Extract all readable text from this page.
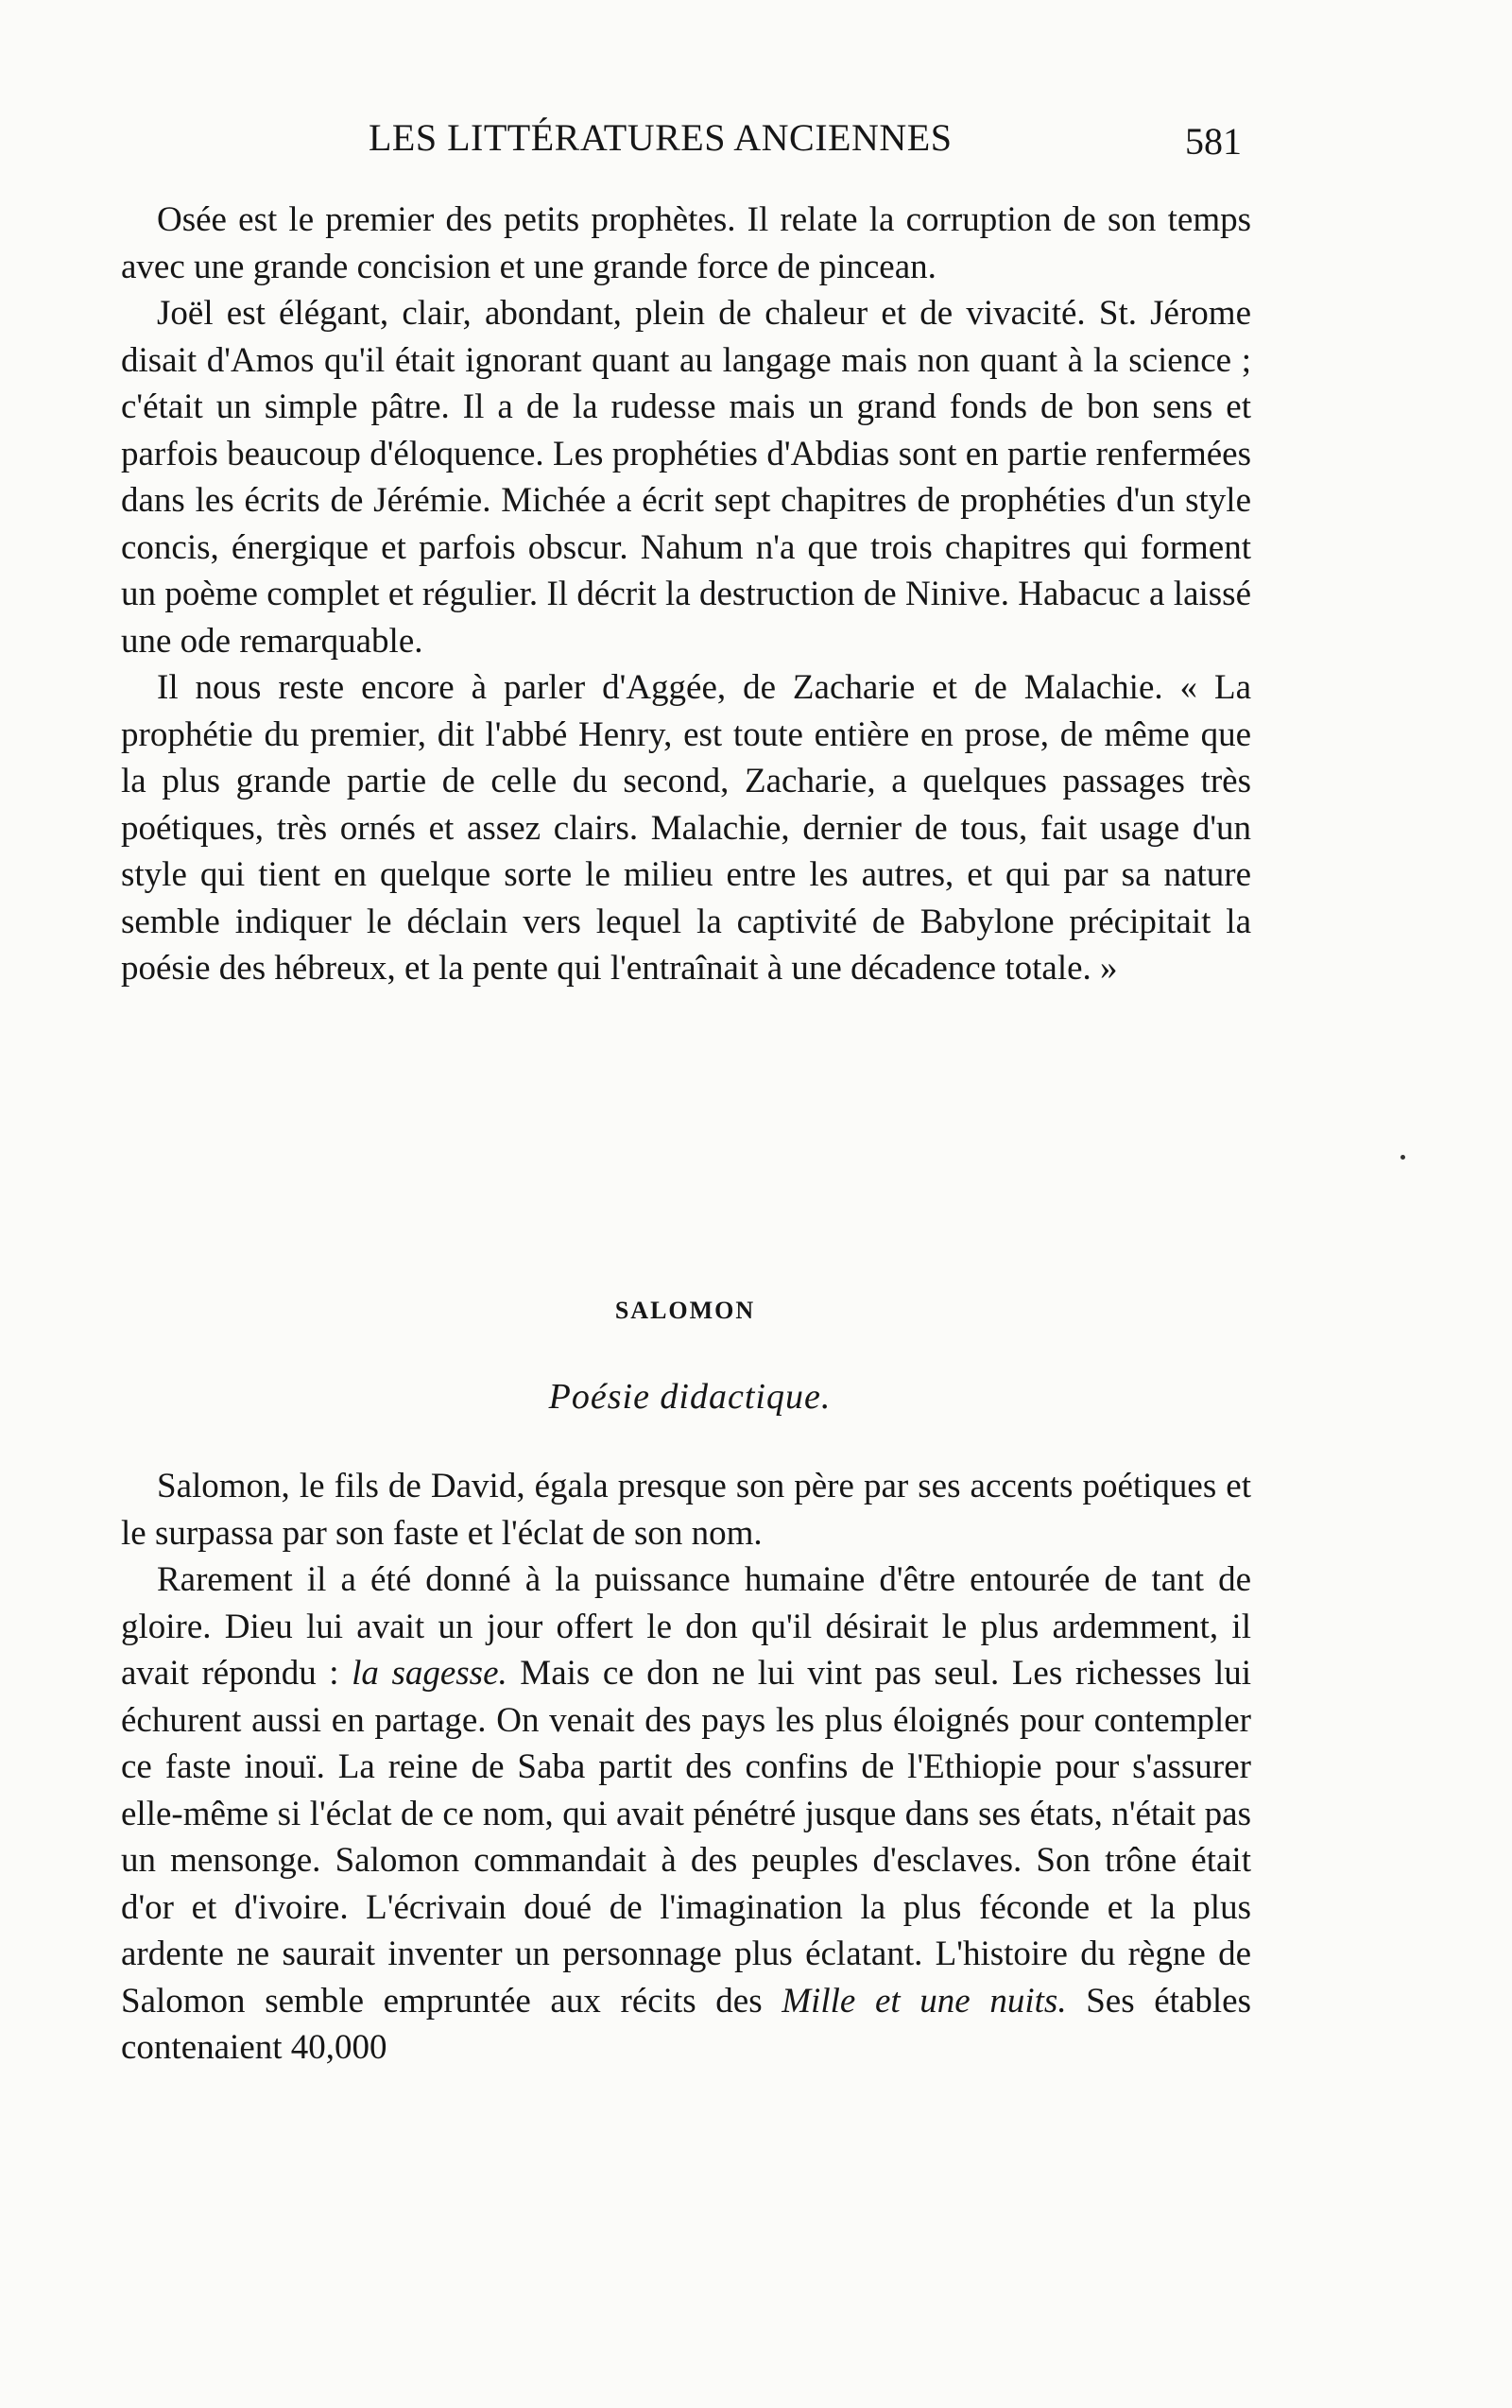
LES LITTÉRATURES ANCIENNES	581

Osée est le premier des petits prophètes. Il relate la corruption de son temps avec une grande concision et une grande force de pincean.

Joël est élégant, clair, abondant, plein de chaleur et de vivacité. St. Jérome disait d'Amos qu'il était ignorant quant au langage mais non quant à la science ; c'était un simple pâtre. Il a de la rudesse mais un grand fonds de bon sens et parfois beaucoup d'éloquence. Les prophéties d'Abdias sont en partie renfermées dans les écrits de Jérémie. Michée a écrit sept chapitres de prophéties d'un style concis, énergique et parfois obscur. Nahum n'a que trois chapitres qui forment un poème complet et régulier. Il décrit la destruction de Ninive. Habacuc a laissé une ode remarquable.

Il nous reste encore à parler d'Aggée, de Zacharie et de Malachie. « La prophétie du premier, dit l'abbé Henry, est toute entière en prose, de même que la plus grande partie de celle du second, Zacharie, a quelques passages très poétiques, très ornés et assez clairs. Malachie, dernier de tous, fait usage d'un style qui tient en quelque sorte le milieu entre les autres, et qui par sa nature semble indiquer le déclain vers lequel la captivité de Babylone précipitait la poésie des hébreux, et la pente qui l'entraînait à une décadence totale. »

SALOMON
Poésie didactique.

Salomon, le fils de David, égala presque son père par ses accents poétiques et le surpassa par son faste et l'éclat de son nom.

Rarement il a été donné à la puissance humaine d'être entourée de tant de gloire. Dieu lui avait un jour offert le don qu'il désirait le plus ardemment, il avait répondu : la sagesse. Mais ce don ne lui vint pas seul. Les richesses lui échurent aussi en partage. On venait des pays les plus éloignés pour contempler ce faste inouï. La reine de Saba partit des confins de l'Ethiopie pour s'assurer elle-même si l'éclat de ce nom, qui avait pénétré jusque dans ses états, n'était pas un mensonge. Salomon commandait à des peuples d'esclaves. Son trône était d'or et d'ivoire. L'écrivain doué de l'imagination la plus féconde et la plus ardente ne saurait inventer un personnage plus éclatant. L'histoire du règne de Salomon semble empruntée aux récits des Mille et une nuits. Ses étables contenaient 40,000
